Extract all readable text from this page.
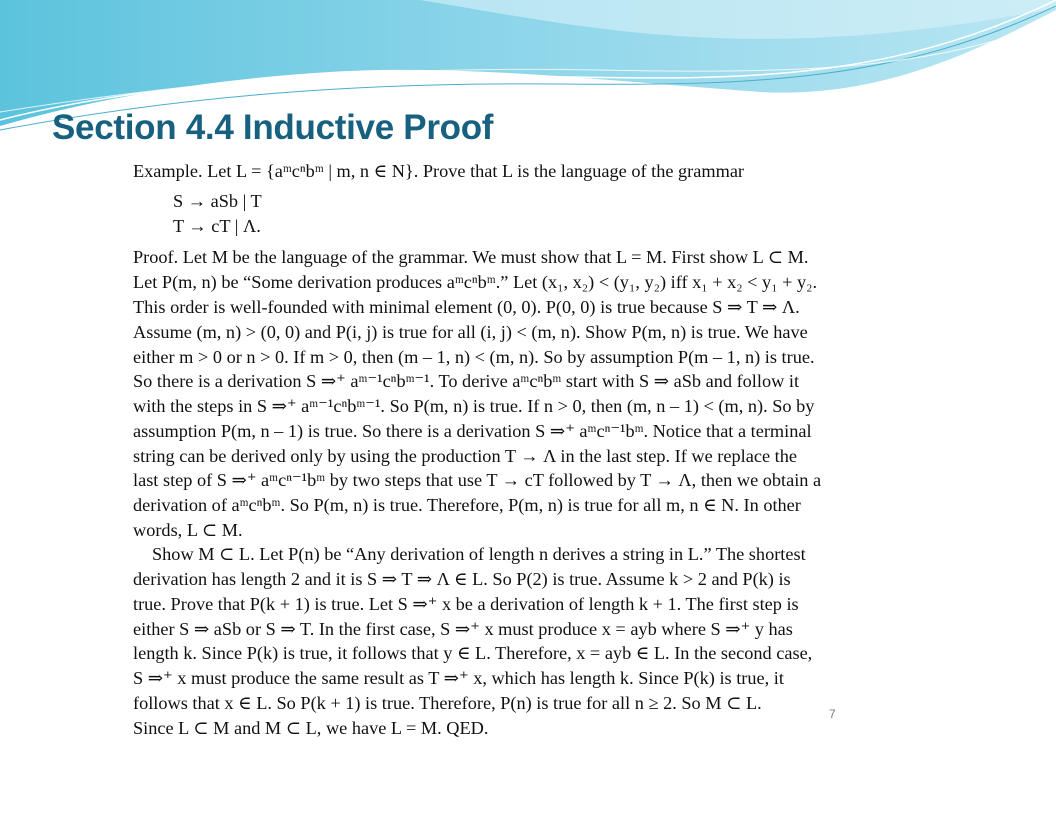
Section 4.4 Inductive Proof
Example. Let L = {aᵐcⁿbᵐ | m, n ∈ N}. Prove that L is the language of the grammar
S → aSb | T
T → cT | Λ.
Proof. Let M be the language of the grammar. We must show that L = M. First show L ⊂ M.
Let P(m, n) be “Some derivation produces aᵐcⁿbᵐ.” Let (x₁, x₂) < (y₁, y₂) iff x₁ + x₂ < y₁ + y₂.
This order is well-founded with minimal element (0, 0). P(0, 0) is true because S ⇒ T ⇒ Λ.
Assume (m, n) > (0, 0) and P(i, j) is true for all (i, j) < (m, n). Show P(m, n) is true. We have
either m > 0 or n > 0. If m > 0, then (m – 1, n) < (m, n). So by assumption P(m – 1, n) is true.
So there is a derivation S ⇒⁺ aᵐ⁻¹cⁿbᵐ⁻¹. To derive aᵐcⁿbᵐ start with S ⇒ aSb and follow it
with the steps in S ⇒⁺ aᵐ⁻¹cⁿbᵐ⁻¹. So P(m, n) is true. If n > 0, then (m, n – 1) < (m, n). So by
assumption P(m, n – 1) is true. So there is a derivation S ⇒⁺ aᵐcⁿ⁻¹bᵐ. Notice that a terminal
string can be derived only by using the production T → Λ in the last step. If we replace the
last step of S ⇒⁺ aᵐcⁿ⁻¹bᵐ by two steps that use T → cT followed by T → Λ, then we obtain a
derivation of aᵐcⁿbᵐ. So P(m, n) is true. Therefore, P(m, n) is true for all m, n ∈ N. In other
words, L ⊂ M.
Show M ⊂ L. Let P(n) be “Any derivation of length n derives a string in L.” The shortest
derivation has length 2 and it is S ⇒ T ⇒ Λ ∈ L. So P(2) is true. Assume k > 2 and P(k) is
true. Prove that P(k + 1) is true. Let S ⇒⁺ x be a derivation of length k + 1. The first step is
either S ⇒ aSb or S ⇒ T. In the first case, S ⇒⁺ x must produce x = ayb where S ⇒⁺ y has
length k. Since P(k) is true, it follows that y ∈ L. Therefore, x = ayb ∈ L. In the second case,
S ⇒⁺ x must produce the same result as T ⇒⁺ x, which has length k. Since P(k) is true, it
follows that x ∈ L. So P(k + 1) is true. Therefore, P(n) is true for all n ≥ 2. So M ⊂ L.
Since L ⊂ M and M ⊂ L, we have L = M. QED.
7
